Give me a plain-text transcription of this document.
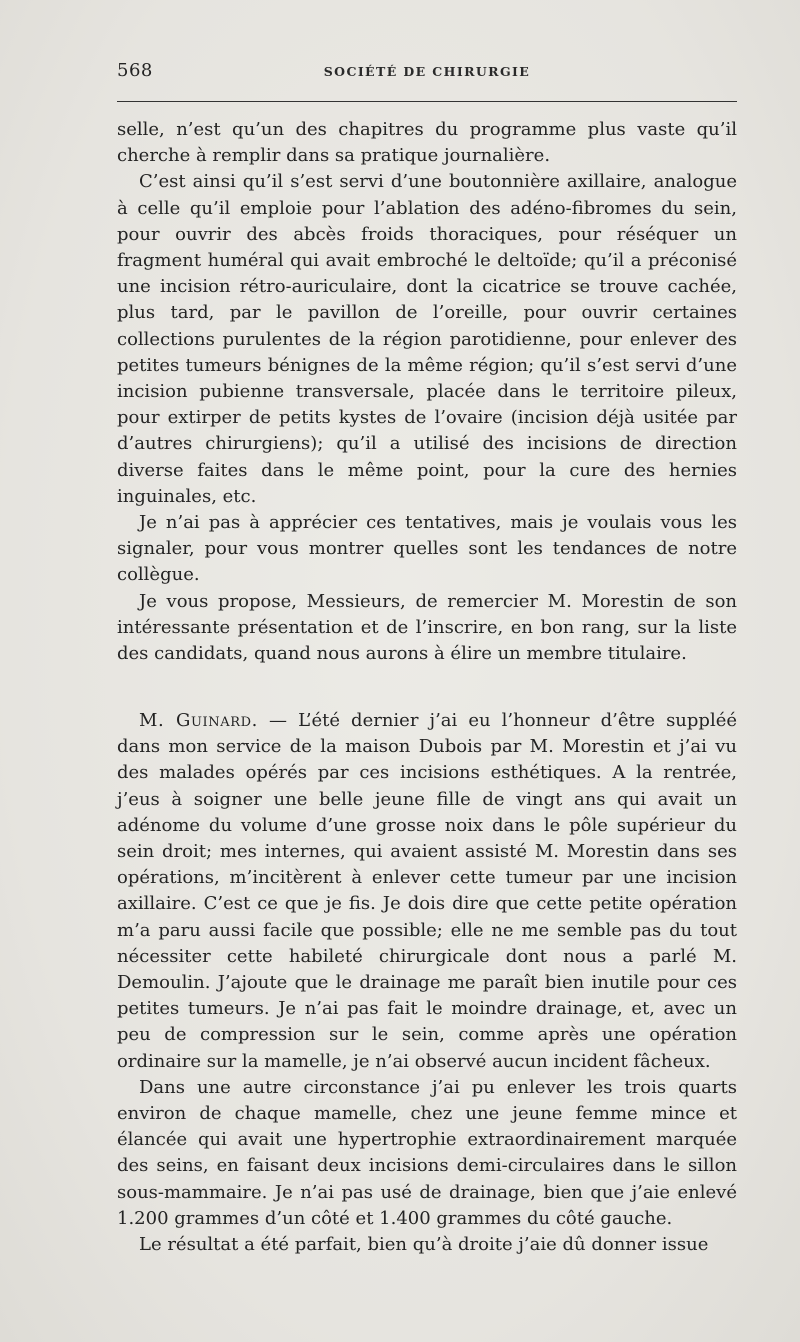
568	SOCIÉTÉ DE CHIRURGIE

selle, n’est qu’un des chapitres du programme plus vaste qu’il cherche à remplir dans sa pratique journalière.

C’est ainsi qu’il s’est servi d’une boutonnière axillaire, analogue à celle qu’il emploie pour l’ablation des adéno-fibromes du sein, pour ouvrir des abcès froids thoraciques, pour réséquer un fragment huméral qui avait embroché le deltoïde; qu’il a préconisé une incision rétro-auriculaire, dont la cicatrice se trouve cachée, plus tard, par le pavillon de l’oreille, pour ouvrir certaines collections purulentes de la région parotidienne, pour enlever des petites tumeurs bénignes de la même région; qu’il s’est servi d’une incision pubienne transversale, placée dans le territoire pileux, pour extirper de petits kystes de l’ovaire (incision déjà usitée par d’autres chirurgiens); qu’il a utilisé des incisions de direction diverse faites dans le même point, pour la cure des hernies inguinales, etc.

Je n’ai pas à apprécier ces tentatives, mais je voulais vous les signaler, pour vous montrer quelles sont les tendances de notre collègue.

Je vous propose, Messieurs, de remercier M. Morestin de son intéressante présentation et de l’inscrire, en bon rang, sur la liste des candidats, quand nous aurons à élire un membre titulaire.

M. Guinard. — L’été dernier j’ai eu l’honneur d’être suppléé dans mon service de la maison Dubois par M. Morestin et j’ai vu des malades opérés par ces incisions esthétiques. A la rentrée, j’eus à soigner une belle jeune fille de vingt ans qui avait un adénome du volume d’une grosse noix dans le pôle supérieur du sein droit; mes internes, qui avaient assisté M. Morestin dans ses opérations, m’incitèrent à enlever cette tumeur par une incision axillaire. C’est ce que je fis. Je dois dire que cette petite opération m’a paru aussi facile que possible; elle ne me semble pas du tout nécessiter cette habileté chirurgicale dont nous a parlé M. Demoulin. J’ajoute que le drainage me paraît bien inutile pour ces petites tumeurs. Je n’ai pas fait le moindre drainage, et, avec un peu de compression sur le sein, comme après une opération ordinaire sur la mamelle, je n’ai observé aucun incident fâcheux.

Dans une autre circonstance j’ai pu enlever les trois quarts environ de chaque mamelle, chez une jeune femme mince et élancée qui avait une hypertrophie extraordinairement marquée des seins, en faisant deux incisions demi-circulaires dans le sillon sous-mammaire. Je n’ai pas usé de drainage, bien que j’aie enlevé 1.200 grammes d’un côté et 1.400 grammes du côté gauche.

Le résultat a été parfait, bien qu’à droite j’aie dû donner issue
